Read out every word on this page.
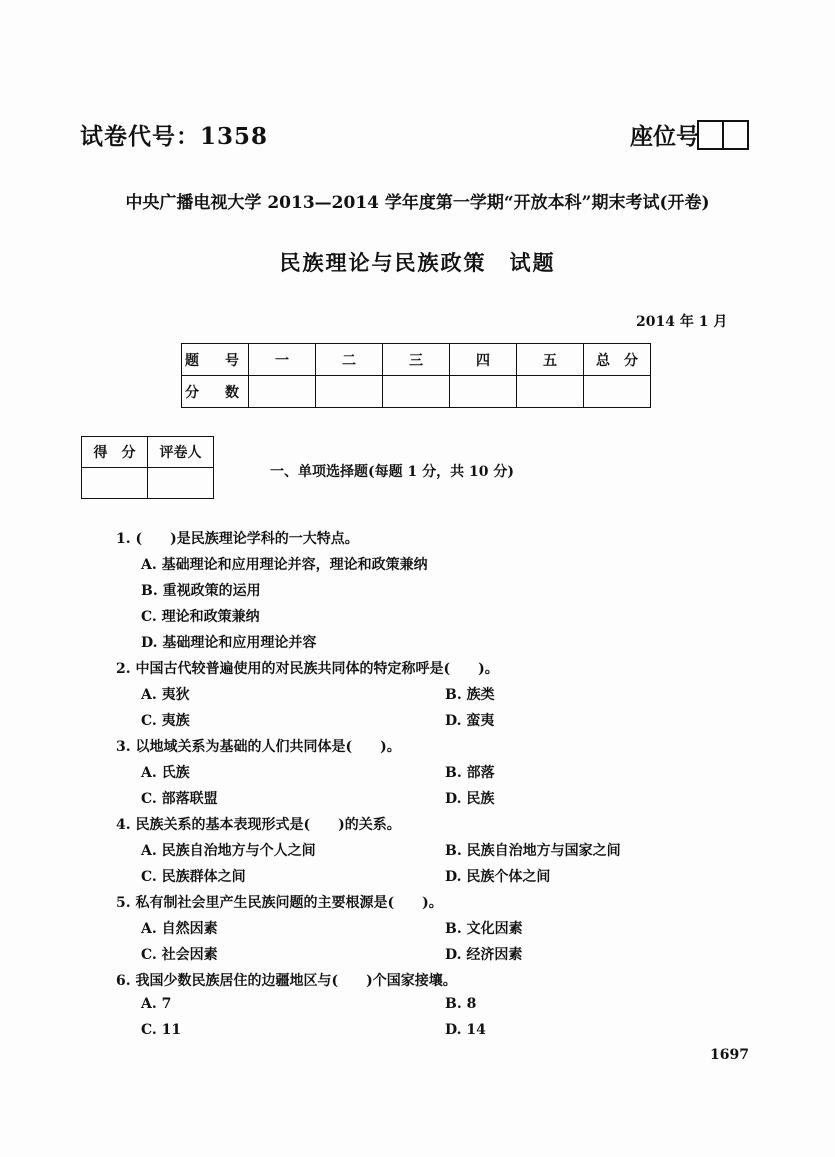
试卷代号：1358	座位号
中央广播电视大学 2013—2014 学年度第一学期“开放本科”期末考试(开卷)
民族理论与民族政策　试题
2014 年 1 月
题　号	一	二	三	四	五	总　分
分　数						
得　分	评卷人

一、单项选择题(每题 1 分，共 10 分)
1. (　　)是民族理论学科的一大特点。
A. 基础理论和应用理论并容，理论和政策兼纳
B. 重视政策的运用
C. 理论和政策兼纳
D. 基础理论和应用理论并容
2. 中国古代较普遍使用的对民族共同体的特定称呼是(　　)。
A. 夷狄	B. 族类
C. 夷族	D. 蛮夷
3. 以地域关系为基础的人们共同体是(　　)。
A. 氏族	B. 部落
C. 部落联盟	D. 民族
4. 民族关系的基本表现形式是(　　)的关系。
A. 民族自治地方与个人之间	B. 民族自治地方与国家之间
C. 民族群体之间	D. 民族个体之间
5. 私有制社会里产生民族问题的主要根源是(　　)。
A. 自然因素	B. 文化因素
C. 社会因素	D. 经济因素
6. 我国少数民族居住的边疆地区与(　　)个国家接壤。
A. 7	B. 8
C. 11	D. 14
1697
